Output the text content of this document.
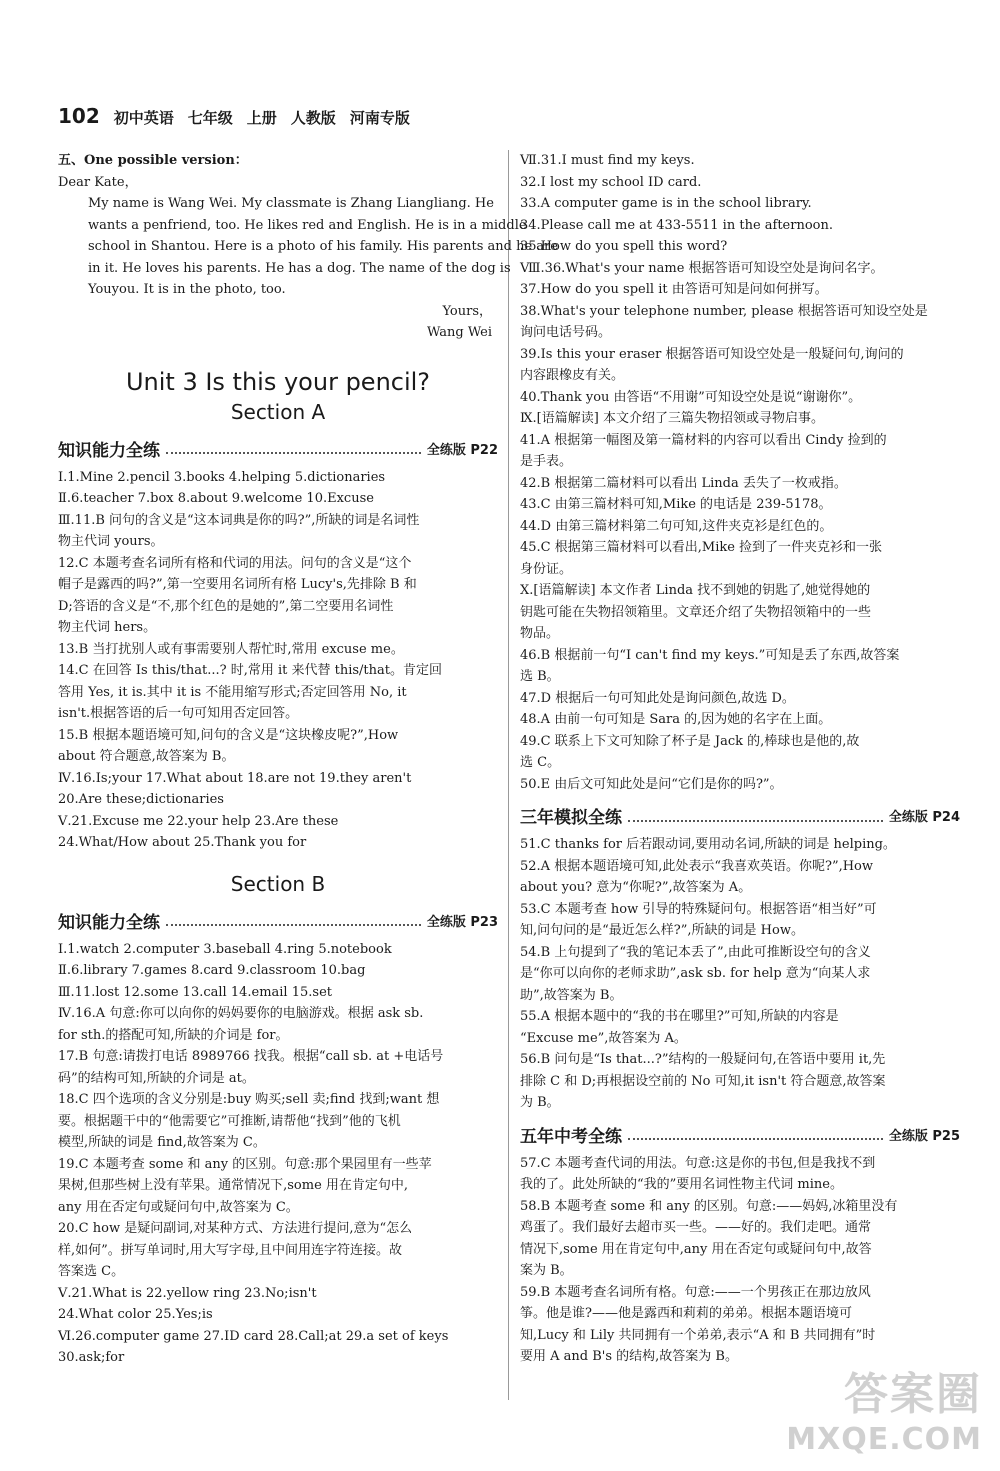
102 初中英语 七年级 上册 人教版 河南专版
五、One possible version：
Dear Kate，
My name is Wang Wei. My classmate is Zhang Liangliang. He
wants a penfriend, too. He likes red and English. He is in a middle
school in Shantou. Here is a photo of his family. His parents and he are
in it. He loves his parents. He has a dog. The name of the dog is
Youyou. It is in the photo, too.
Yours，
Wang Wei
Unit 3 Is this your pencil?
Section A
知识能力全练	全练版 P22
Ⅰ.1.Mine 2.pencil 3.books 4.helping 5.dictionaries
Ⅱ.6.teacher 7.box 8.about 9.welcome 10.Excuse
Ⅲ.11.B 问句的含义是“这本词典是你的吗?”,所缺的词是名词性
物主代词 yours。
12.C 本题考查名词所有格和代词的用法。问句的含义是“这个
帽子是露西的吗?”,第一空要用名词所有格 Lucy's,先排除 B 和
D;答语的含义是“不,那个红色的是她的”,第二空要用名词性
物主代词 hers。
13.B 当打扰别人或有事需要别人帮忙时,常用 excuse me。
14.C 在回答 Is this/that...? 时,常用 it 来代替 this/that。肯定回
答用 Yes, it is.其中 it is 不能用缩写形式;否定回答用 No, it
isn't.根据答语的后一句可知用否定回答。
15.B 根据本题语境可知,问句的含义是“这块橡皮呢?”,How
about 符合题意,故答案为 B。
Ⅳ.16.Is;your 17.What about 18.are not 19.they aren't
20.Are these;dictionaries
Ⅴ.21.Excuse me 22.your help 23.Are these
24.What/How about 25.Thank you for
Section B
知识能力全练	全练版 P23
Ⅰ.1.watch 2.computer 3.baseball 4.ring 5.notebook
Ⅱ.6.library 7.games 8.card 9.classroom 10.bag
Ⅲ.11.lost 12.some 13.call 14.email 15.set
Ⅳ.16.A 句意:你可以向你的妈妈要你的电脑游戏。根据 ask sb.
for sth.的搭配可知,所缺的介词是 for。
17.B 句意:请拨打电话 8989766 找我。根据“call sb. at +电话号
码”的结构可知,所缺的介词是 at。
18.C 四个选项的含义分别是:buy 购买;sell 卖;find 找到;want 想
要。根据题干中的“他需要它”可推断,请帮他“找到”他的飞机
模型,所缺的词是 find,故答案为 C。
19.C 本题考查 some 和 any 的区别。句意:那个果园里有一些苹
果树,但那些树上没有苹果。通常情况下,some 用在肯定句中,
any 用在否定句或疑问句中,故答案为 C。
20.C how 是疑问副词,对某种方式、方法进行提问,意为“怎么
样,如何”。拼写单词时,用大写字母,且中间用连字符连接。故
答案选 C。
Ⅴ.21.What is 22.yellow ring 23.No;isn't
24.What color 25.Yes;is
Ⅵ.26.computer game 27.ID card 28.Call;at 29.a set of keys
30.ask;for
Ⅶ.31.I must find my keys.
32.I lost my school ID card.
33.A computer game is in the school library.
34.Please call me at 433-5511 in the afternoon.
35.How do you spell this word?
Ⅷ.36.What's your name 根据答语可知设空处是询问名字。
37.How do you spell it 由答语可知是问如何拼写。
38.What's your telephone number, please 根据答语可知设空处是
询问电话号码。
39.Is this your eraser 根据答语可知设空处是一般疑问句,询问的
内容跟橡皮有关。
40.Thank you 由答语“不用谢”可知设空处是说“谢谢你”。
Ⅸ.[语篇解读] 本文介绍了三篇失物招领或寻物启事。
41.A 根据第一幅图及第一篇材料的内容可以看出 Cindy 捡到的
是手表。
42.B 根据第二篇材料可以看出 Linda 丢失了一枚戒指。
43.C 由第三篇材料可知,Mike 的电话是 239-5178。
44.D 由第三篇材料第二句可知,这件夹克衫是红色的。
45.C 根据第三篇材料可以看出,Mike 捡到了一件夹克衫和一张
身份证。
Ⅹ.[语篇解读] 本文作者 Linda 找不到她的钥匙了,她觉得她的
钥匙可能在失物招领箱里。文章还介绍了失物招领箱中的一些
物品。
46.B 根据前一句“I can't find my keys.”可知是丢了东西,故答案
选 B。
47.D 根据后一句可知此处是询问颜色,故选 D。
48.A 由前一句可知是 Sara 的,因为她的名字在上面。
49.C 联系上下文可知除了杯子是 Jack 的,棒球也是他的,故
选 C。
50.E 由后文可知此处是问“它们是你的吗?”。
三年模拟全练	全练版 P24
51.C thanks for 后若跟动词,要用动名词,所缺的词是 helping。
52.A 根据本题语境可知,此处表示“我喜欢英语。你呢?”,How
about you? 意为“你呢?”,故答案为 A。
53.C 本题考查 how 引导的特殊疑问句。根据答语“相当好”可
知,问句问的是“最近怎么样?”,所缺的词是 How。
54.B 上句提到了“我的笔记本丢了”,由此可推断设空句的含义
是“你可以向你的老师求助”,ask sb. for help 意为“向某人求
助”,故答案为 B。
55.A 根据本题中的“我的书在哪里?”可知,所缺的内容是
“Excuse me”,故答案为 A。
56.B 问句是“Is that...?”结构的一般疑问句,在答语中要用 it,先
排除 C 和 D;再根据设空前的 No 可知,it isn't 符合题意,故答案
为 B。
五年中考全练	全练版 P25
57.C 本题考查代词的用法。句意:这是你的书包,但是我找不到
我的了。此处所缺的“我的”要用名词性物主代词 mine。
58.B 本题考查 some 和 any 的区别。句意:——妈妈,冰箱里没有
鸡蛋了。我们最好去超市买一些。——好的。我们走吧。通常
情况下,some 用在肯定句中,any 用在否定句或疑问句中,故答
案为 B。
59.B 本题考查名词所有格。句意:——一个男孩正在那边放风
筝。他是谁?——他是露西和莉莉的弟弟。根据本题语境可
知,Lucy 和 Lily 共同拥有一个弟弟,表示“A 和 B 共同拥有”时
要用 A and B's 的结构,故答案为 B。
答案圈
MXQE.COM
